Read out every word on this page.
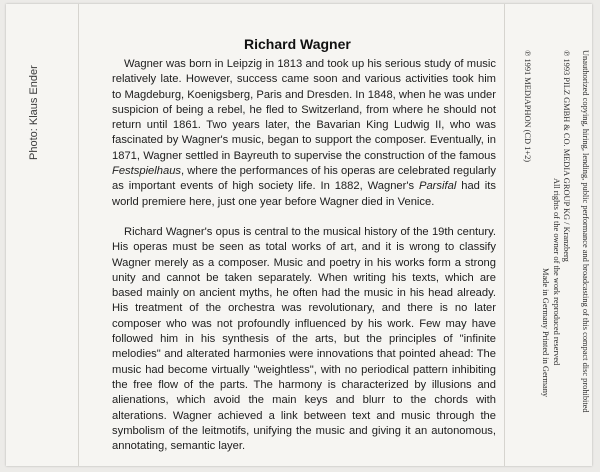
Photo: Klaus Ender
Richard Wagner

Wagner was born in Leipzig in 1813 and took up his serious study of music relatively late. However, success came soon and various activities took him to Magdeburg, Koenigsberg, Paris and Dresden. In 1848, when he was under suspicion of being a rebel, he fled to Switzerland, from where he should not return until 1861. Two years later, the Bavarian King Ludwig II, who was fascinated by Wagner's music, began to support the composer. Eventually, in 1871, Wagner settled in Bayreuth to supervise the construction of the famous Festspielhaus, where the performances of his operas are celebrated regularly as important events of high society life. In 1882, Wagner's Parsifal had its world premiere here, just one year before Wagner died in Venice.

Richard Wagner's opus is central to the musical history of the 19th century. His operas must be seen as total works of art, and it is wrong to classify Wagner merely as a composer. Music and poetry in his works form a strong unity and cannot be taken separately. When writing his texts, which are based mainly on ancient myths, he often had the music in his head already. His treatment of the orchestra was revolutionary, and there is no later composer who was not profoundly influenced by his work. Few may have followed him in his synthesis of the arts, but the principles of "infinite melodies" and alterated harmonies were innovations that pointed ahead: The music had become virtually "weightless", with no periodical pattern inhibiting the free flow of the parts. The harmony is characterized by illusions and alienations, which avoid the main keys and blurr to the chords with alterations. Wagner achieved a link between text and music through the symbolism of the leitmotifs, unifying the music and giving it an autonomous, annotating, semantic layer.

Unauthorized copying, hiring, lending, public performance and broadcasting of this compact disc prohibited
℗ 1993 PILZ GMBH & CO. MEDIA GROUP KG / Kranzberg
All rights of the owner of the work reproduced reserved
Made in Germany Printed in Germany
℗ 1991 MEDIAPHON (CD 1+2)
